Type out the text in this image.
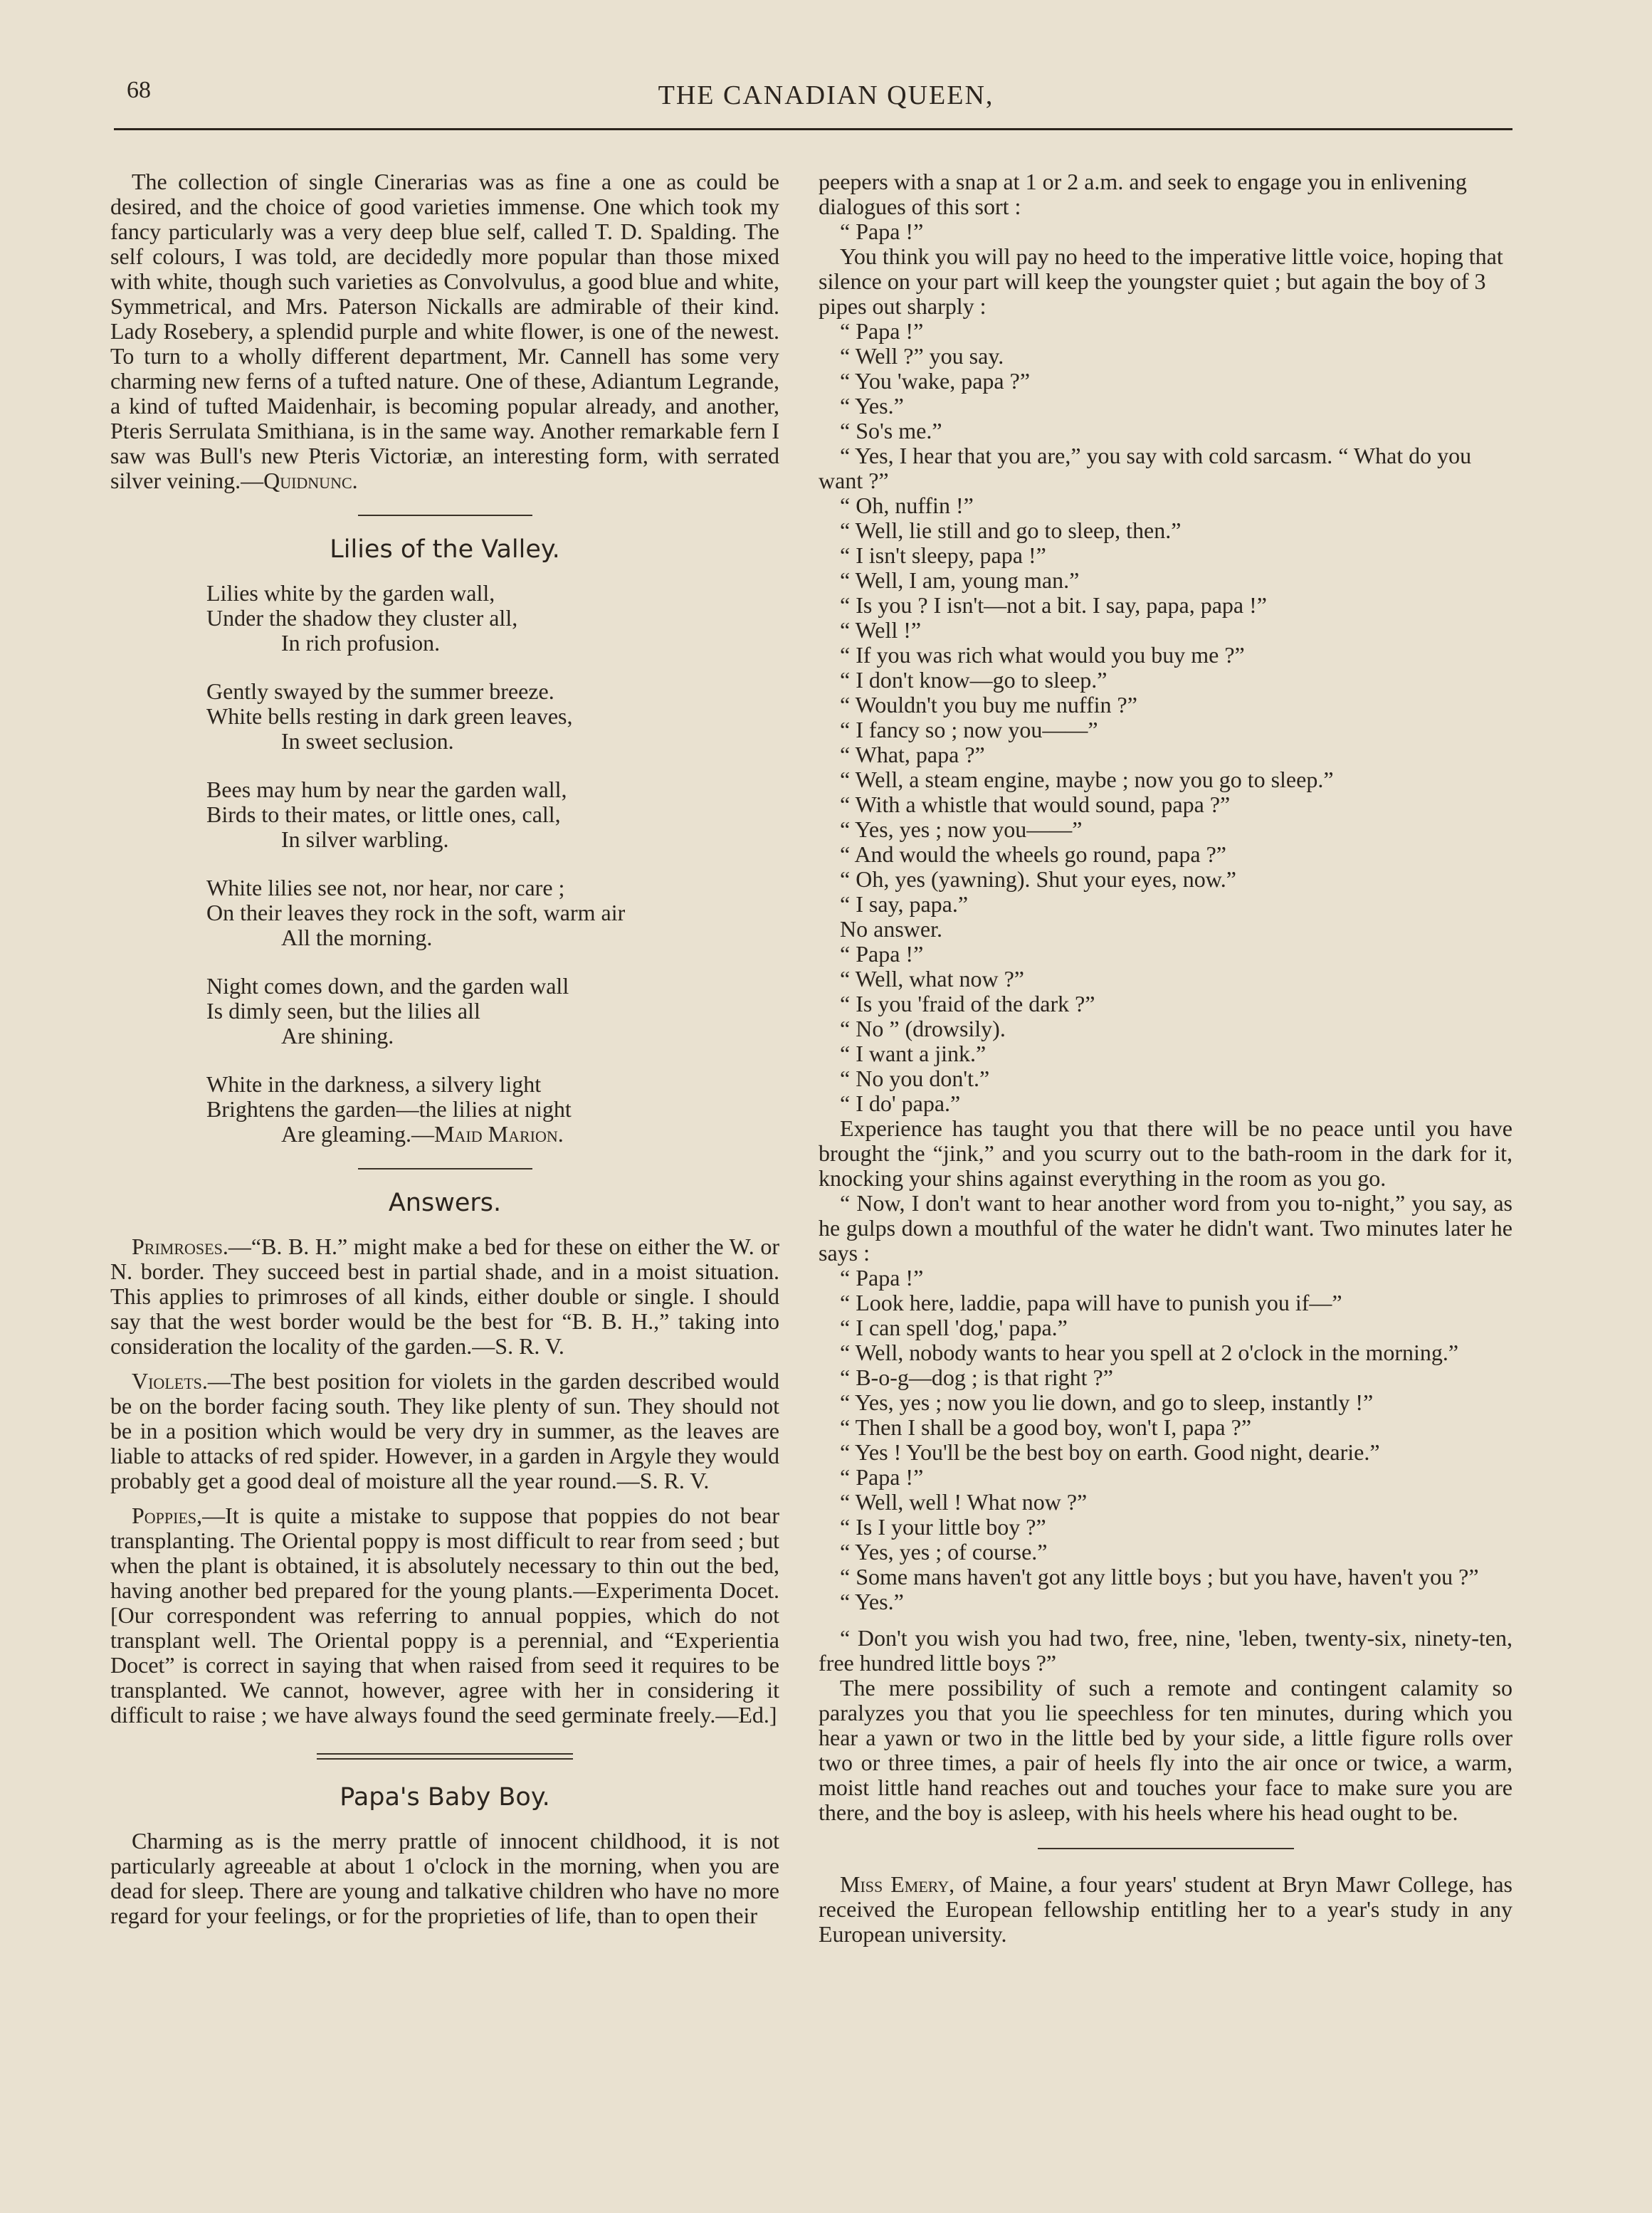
68	THE CANADIAN QUEEN,

The collection of single Cinerarias was as fine a one as could be desired, and the choice of good varieties immense. One which took my fancy particularly was a very deep blue self, called T. D. Spalding. The self colours, I was told, are decidedly more popular than those mixed with white, though such varieties as Convolvulus, a good blue and white, Symmetrical, and Mrs. Paterson Nickalls are admirable of their kind. Lady Rosebery, a splendid purple and white flower, is one of the newest. To turn to a wholly different department, Mr. Cannell has some very charming new ferns of a tufted nature. One of these, Adiantum Legrande, a kind of tufted Maidenhair, is becoming popular already, and another, Pteris Serrulata Smithiana, is in the same way. Another remarkable fern I saw was Bull's new Pteris Victoriæ, an interesting form, with serrated silver veining.—Quidnunc.

Lilies of the Valley.
Lilies white by the garden wall,
Under the shadow they cluster all,
In rich profusion.
Gently swayed by the summer breeze.
White bells resting in dark green leaves,
In sweet seclusion.
Bees may hum by near the garden wall,
Birds to their mates, or little ones, call,
In silver warbling.
White lilies see not, nor hear, nor care ;
On their leaves they rock in the soft, warm air
All the morning.
Night comes down, and the garden wall
Is dimly seen, but the lilies all
Are shining.
White in the darkness, a silvery light
Brightens the garden—the lilies at night
Are gleaming.—Maid Marion.
Answers.

Primroses.—“B. B. H.” might make a bed for these on either the W. or N. border. They succeed best in partial shade, and in a moist situation. This applies to primroses of all kinds, either double or single. I should say that the west border would be the best for “B. B. H.,” taking into consideration the locality of the garden.—S. R. V.

Violets.—The best position for violets in the garden described would be on the border facing south. They like plenty of sun. They should not be in a position which would be very dry in summer, as the leaves are liable to attacks of red spider. However, in a garden in Argyle they would probably get a good deal of moisture all the year round.—S. R. V.

Poppies,—It is quite a mistake to suppose that poppies do not bear transplanting. The Oriental poppy is most difficult to rear from seed ; but when the plant is obtained, it is absolutely necessary to thin out the bed, having another bed prepared for the young plants.—Experimenta Docet. [Our correspondent was referring to annual poppies, which do not transplant well. The Oriental poppy is a perennial, and “Experientia Docet” is correct in saying that when raised from seed it requires to be transplanted. We cannot, however, agree with her in considering it difficult to raise ; we have always found the seed germinate freely.—Ed.]

Papa's Baby Boy.

Charming as is the merry prattle of innocent childhood, it is not particularly agreeable at about 1 o'clock in the morning, when you are dead for sleep. There are young and talkative children who have no more regard for your feelings, or for the proprieties of life, than to open their

peepers with a snap at 1 or 2 a.m. and seek to engage you in enlivening dialogues of this sort :

“ Papa !”

You think you will pay no heed to the imperative little voice, hoping that silence on your part will keep the youngster quiet ; but again the boy of 3 pipes out sharply :

“ Papa !”

“ Well ?” you say.

“ You 'wake, papa ?”

“ Yes.”

“ So's me.”

“ Yes, I hear that you are,” you say with cold sarcasm. “ What do you want ?”

“ Oh, nuffin !”

“ Well, lie still and go to sleep, then.”

“ I isn't sleepy, papa !”

“ Well, I am, young man.”

“ Is you ? I isn't—not a bit. I say, papa, papa !”

“ Well !”

“ If you was rich what would you buy me ?”

“ I don't know—go to sleep.”

“ Wouldn't you buy me nuffin ?”

“ I fancy so ; now you——”

“ What, papa ?”

“ Well, a steam engine, maybe ; now you go to sleep.”

“ With a whistle that would sound, papa ?”

“ Yes, yes ; now you——”

“ And would the wheels go round, papa ?”

“ Oh, yes (yawning). Shut your eyes, now.”

“ I say, papa.”

No answer.

“ Papa !”

“ Well, what now ?”

“ Is you 'fraid of the dark ?”

“ No ” (drowsily).

“ I want a jink.”

“ No you don't.”

“ I do' papa.”

Experience has taught you that there will be no peace until you have brought the “jink,” and you scurry out to the bath-room in the dark for it, knocking your shins against everything in the room as you go.

“ Now, I don't want to hear another word from you to-night,” you say, as he gulps down a mouthful of the water he didn't want. Two minutes later he says :

“ Papa !”

“ Look here, laddie, papa will have to punish you if—”

“ I can spell 'dog,' papa.”

“ Well, nobody wants to hear you spell at 2 o'clock in the morning.”

“ B-o-g—dog ; is that right ?”

“ Yes, yes ; now you lie down, and go to sleep, instantly !”

“ Then I shall be a good boy, won't I, papa ?”

“ Yes ! You'll be the best boy on earth. Good night, dearie.”

“ Papa !”

“ Well, well ! What now ?”

“ Is I your little boy ?”

“ Yes, yes ; of course.”

“ Some mans haven't got any little boys ; but you have, haven't you ?”

“ Yes.”

“ Don't you wish you had two, free, nine, 'leben, twenty-six, ninety-ten, free hundred little boys ?”

The mere possibility of such a remote and contingent calamity so paralyzes you that you lie speechless for ten minutes, during which you hear a yawn or two in the little bed by your side, a little figure rolls over two or three times, a pair of heels fly into the air once or twice, a warm, moist little hand reaches out and touches your face to make sure you are there, and the boy is asleep, with his heels where his head ought to be.

Miss Emery, of Maine, a four years' student at Bryn Mawr College, has received the European fellowship entitling her to a year's study in any European university.
